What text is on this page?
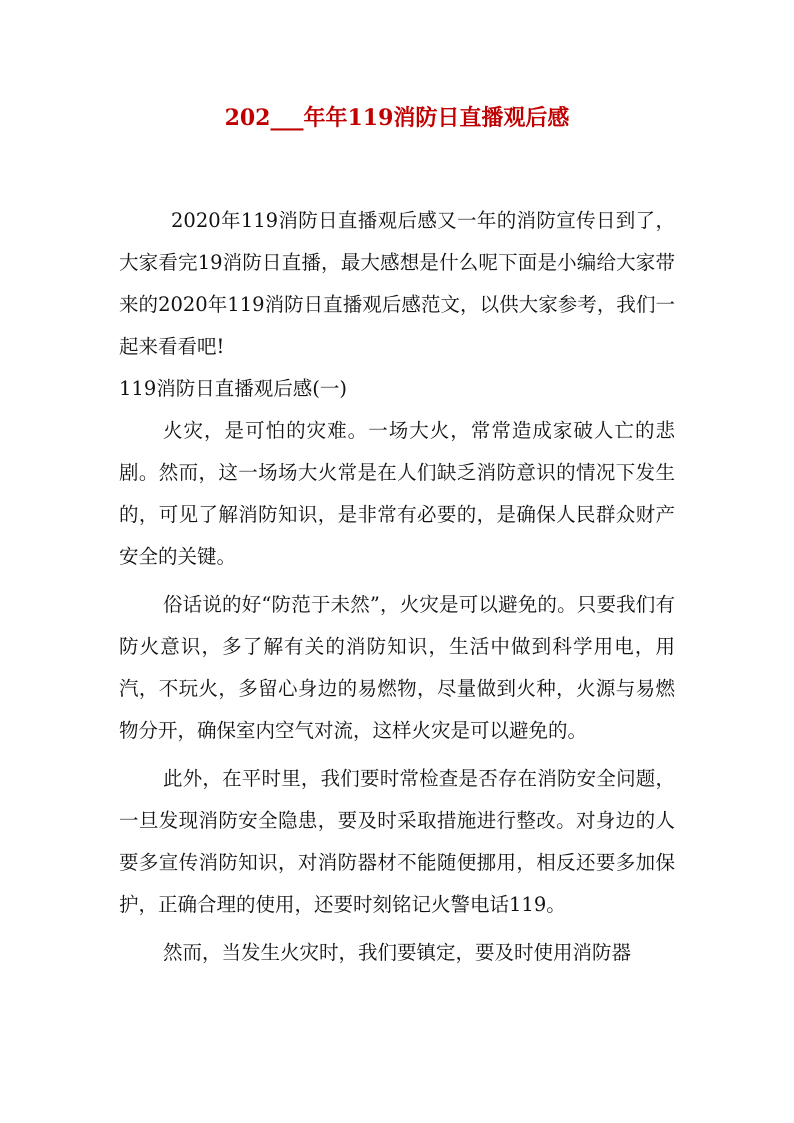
202___年年119消防日直播观后感

2020年119消防日直播观后感又一年的消防宣传日到了，大家看完19消防日直播，最大感想是什么呢下面是小编给大家带来的2020年119消防日直播观后感范文，以供大家参考，我们一起来看看吧!

119消防日直播观后感(一)

火灾，是可怕的灾难。一场大火，常常造成家破人亡的悲剧。然而，这一场场大火常是在人们缺乏消防意识的情况下发生的，可见了解消防知识，是非常有必要的，是确保人民群众财产安全的关键。

俗话说的好“防范于未然”，火灾是可以避免的。只要我们有防火意识，多了解有关的消防知识，生活中做到科学用电，用汽，不玩火，多留心身边的易燃物，尽量做到火种，火源与易燃物分开，确保室内空气对流，这样火灾是可以避免的。

此外，在平时里，我们要时常检查是否存在消防安全问题，一旦发现消防安全隐患，要及时采取措施进行整改。对身边的人要多宣传消防知识，对消防器材不能随便挪用，相反还要多加保护，正确合理的使用，还要时刻铭记火警电话119。

然而，当发生火灾时，我们要镇定，要及时使用消防器
